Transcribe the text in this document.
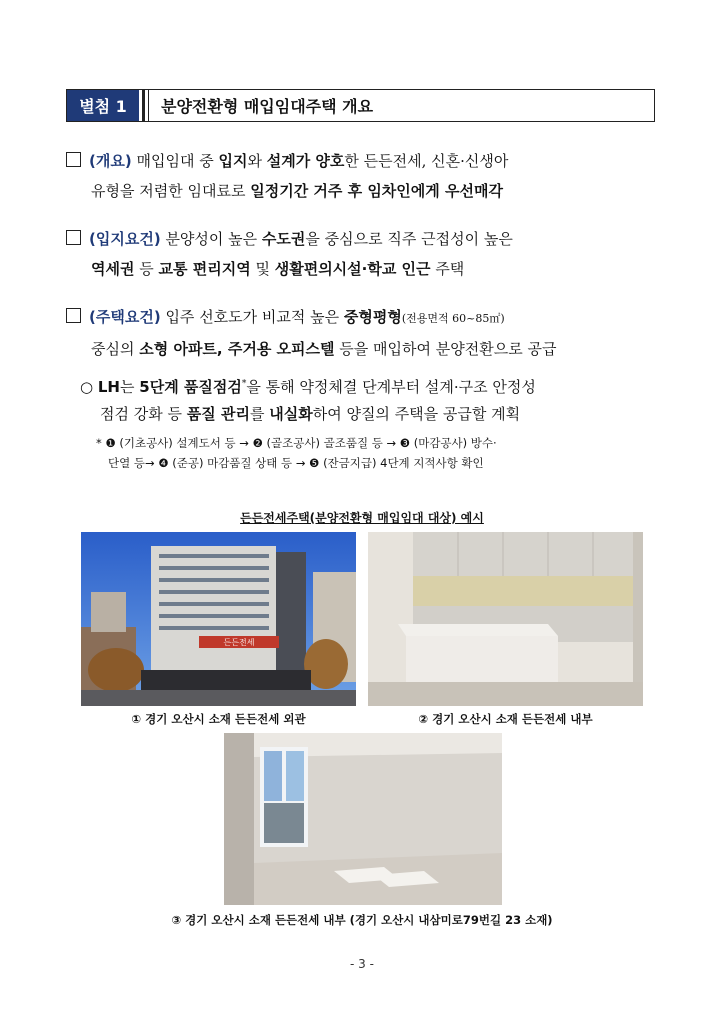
별첨 1	분양전환형 매입임대주택 개요
(개요) 매입임대 중 입지와 설계가 양호한 든든전세, 신혼·신생아
유형을 저렴한 임대료로 일정기간 거주 후 임차인에게 우선매각
(입지요건) 분양성이 높은 수도권을 중심으로 직주 근접성이 높은
역세권 등 교통 편리지역 및 생활편의시설·학교 인근 주택
(주택요건) 입주 선호도가 비교적 높은 중형평형(전용면적 60~85㎡)
중심의 소형 아파트, 주거용 오피스텔 등을 매입하여 분양전환으로 공급
○ LH는 5단계 품질점검*을 통해 약정체결 단계부터 설계·구조 안정성
점검 강화 등 품질 관리를 내실화하여 양질의 주택을 공급할 계획
* ❶ (기초공사) 설계도서 등 → ❷ (골조공사) 골조품질 등 → ❸ (마감공사) 방수·
단열 등→ ❹ (준공) 마감품질 상태 등 → ❺ (잔금지급) 4단계 지적사항 확인
든든전세주택(분양전환형 매입임대 대상) 예시
든든전세
① 경기 오산시 소재 든든전세 외관	② 경기 오산시 소재 든든전세 내부
③ 경기 오산시 소재 든든전세 내부 (경기 오산시 내삼미로79번길 23 소재)
- 3 -
